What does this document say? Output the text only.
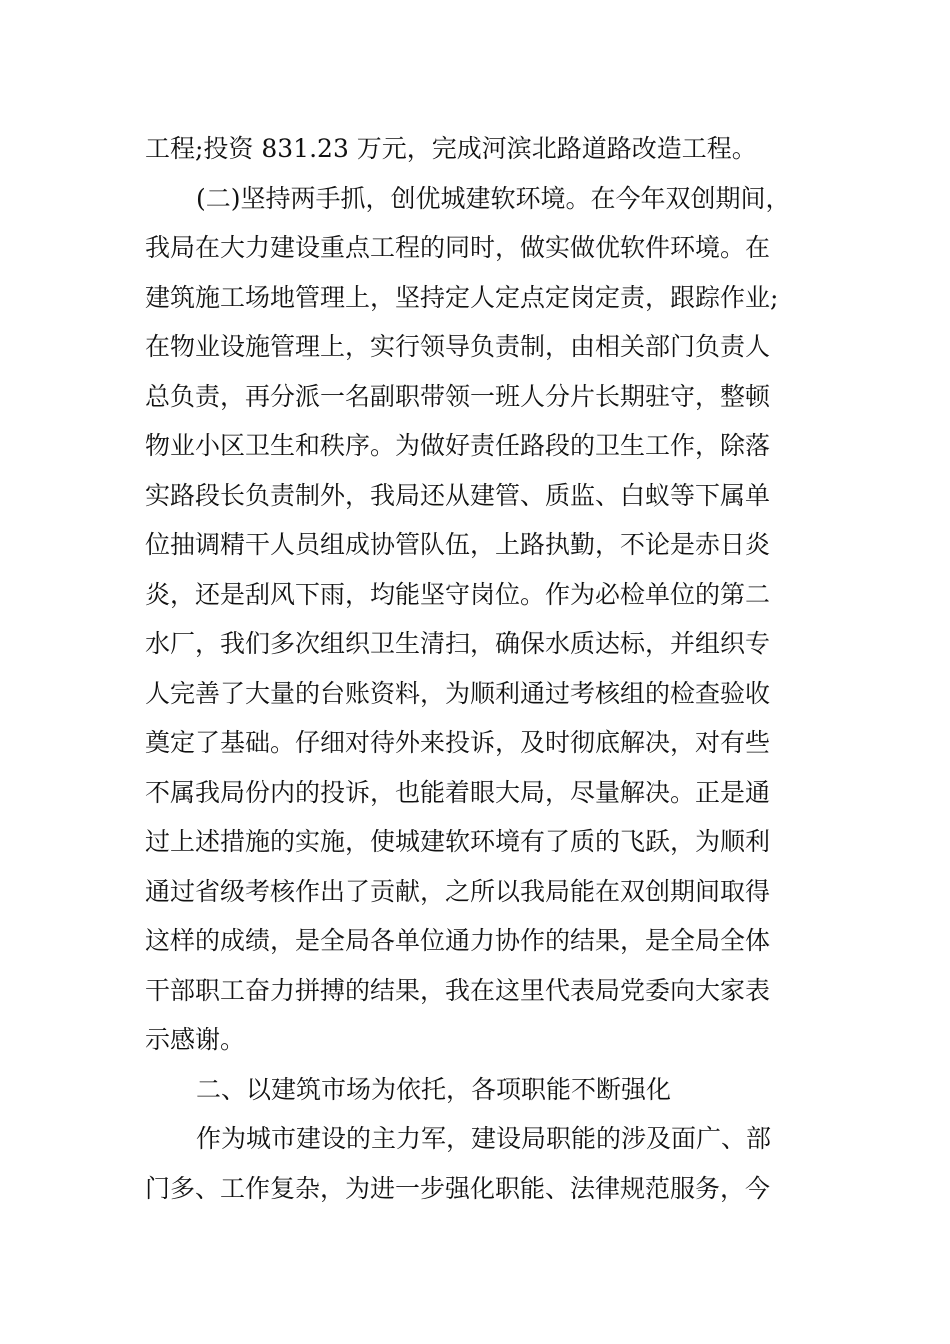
工程;投资 831.23 万元，完成河滨北路道路改造工程。
(二)坚持两手抓，创优城建软环境。在今年双创期间，
我局在大力建设重点工程的同时，做实做优软件环境。在
建筑施工场地管理上，坚持定人定点定岗定责，跟踪作业;
在物业设施管理上，实行领导负责制，由相关部门负责人
总负责，再分派一名副职带领一班人分片长期驻守，整顿
物业小区卫生和秩序。为做好责任路段的卫生工作，除落
实路段长负责制外，我局还从建管、质监、白蚁等下属单
位抽调精干人员组成协管队伍，上路执勤，不论是赤日炎
炎，还是刮风下雨，均能坚守岗位。作为必检单位的第二
水厂，我们多次组织卫生清扫，确保水质达标，并组织专
人完善了大量的台账资料，为顺利通过考核组的检查验收
奠定了基础。仔细对待外来投诉，及时彻底解决，对有些
不属我局份内的投诉，也能着眼大局，尽量解决。正是通
过上述措施的实施，使城建软环境有了质的飞跃，为顺利
通过省级考核作出了贡献，之所以我局能在双创期间取得
这样的成绩，是全局各单位通力协作的结果，是全局全体
干部职工奋力拼搏的结果，我在这里代表局党委向大家表
示感谢。
二、以建筑市场为依托，各项职能不断强化
作为城市建设的主力军，建设局职能的涉及面广、部
门多、工作复杂，为进一步强化职能、法律规范服务，今
